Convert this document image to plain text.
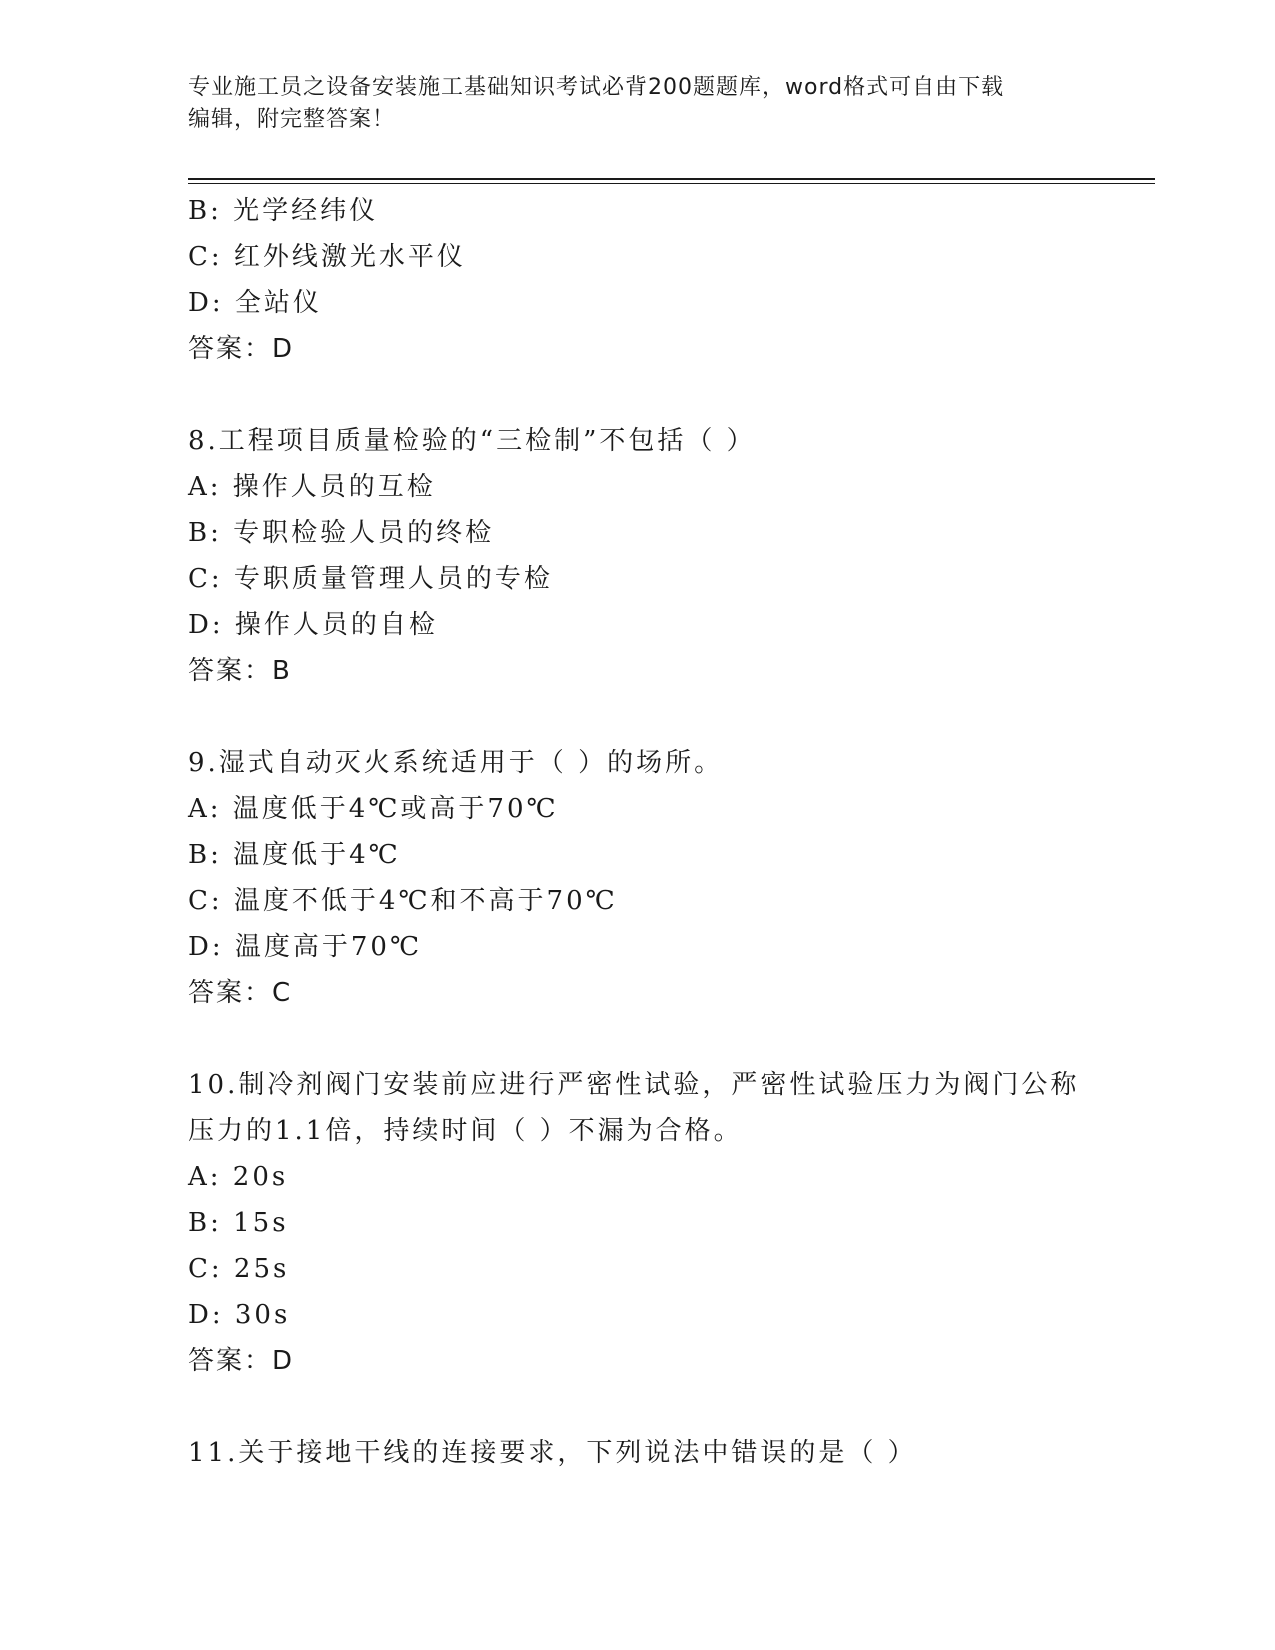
专业施工员之设备安装施工基础知识考试必背200题题库，word格式可自由下载
编辑，附完整答案！
B: 光学经纬仪
C: 红外线激光水平仪
D: 全站仪
答案：D
8.工程项目质量检验的“三检制”不包括（ ）
A: 操作人员的互检
B: 专职检验人员的终检
C: 专职质量管理人员的专检
D: 操作人员的自检
答案：B
9.湿式自动灭火系统适用于（ ）的场所。
A: 温度低于4℃或高于70℃
B: 温度低于4℃
C: 温度不低于4℃和不高于70℃
D: 温度高于70℃
答案：C
10.制冷剂阀门安装前应进行严密性试验，严密性试验压力为阀门公称
压力的1.1倍，持续时间（ ）不漏为合格。
A: 20s
B: 15s
C: 25s
D: 30s
答案：D
11.关于接地干线的连接要求，下列说法中错误的是（ ）
